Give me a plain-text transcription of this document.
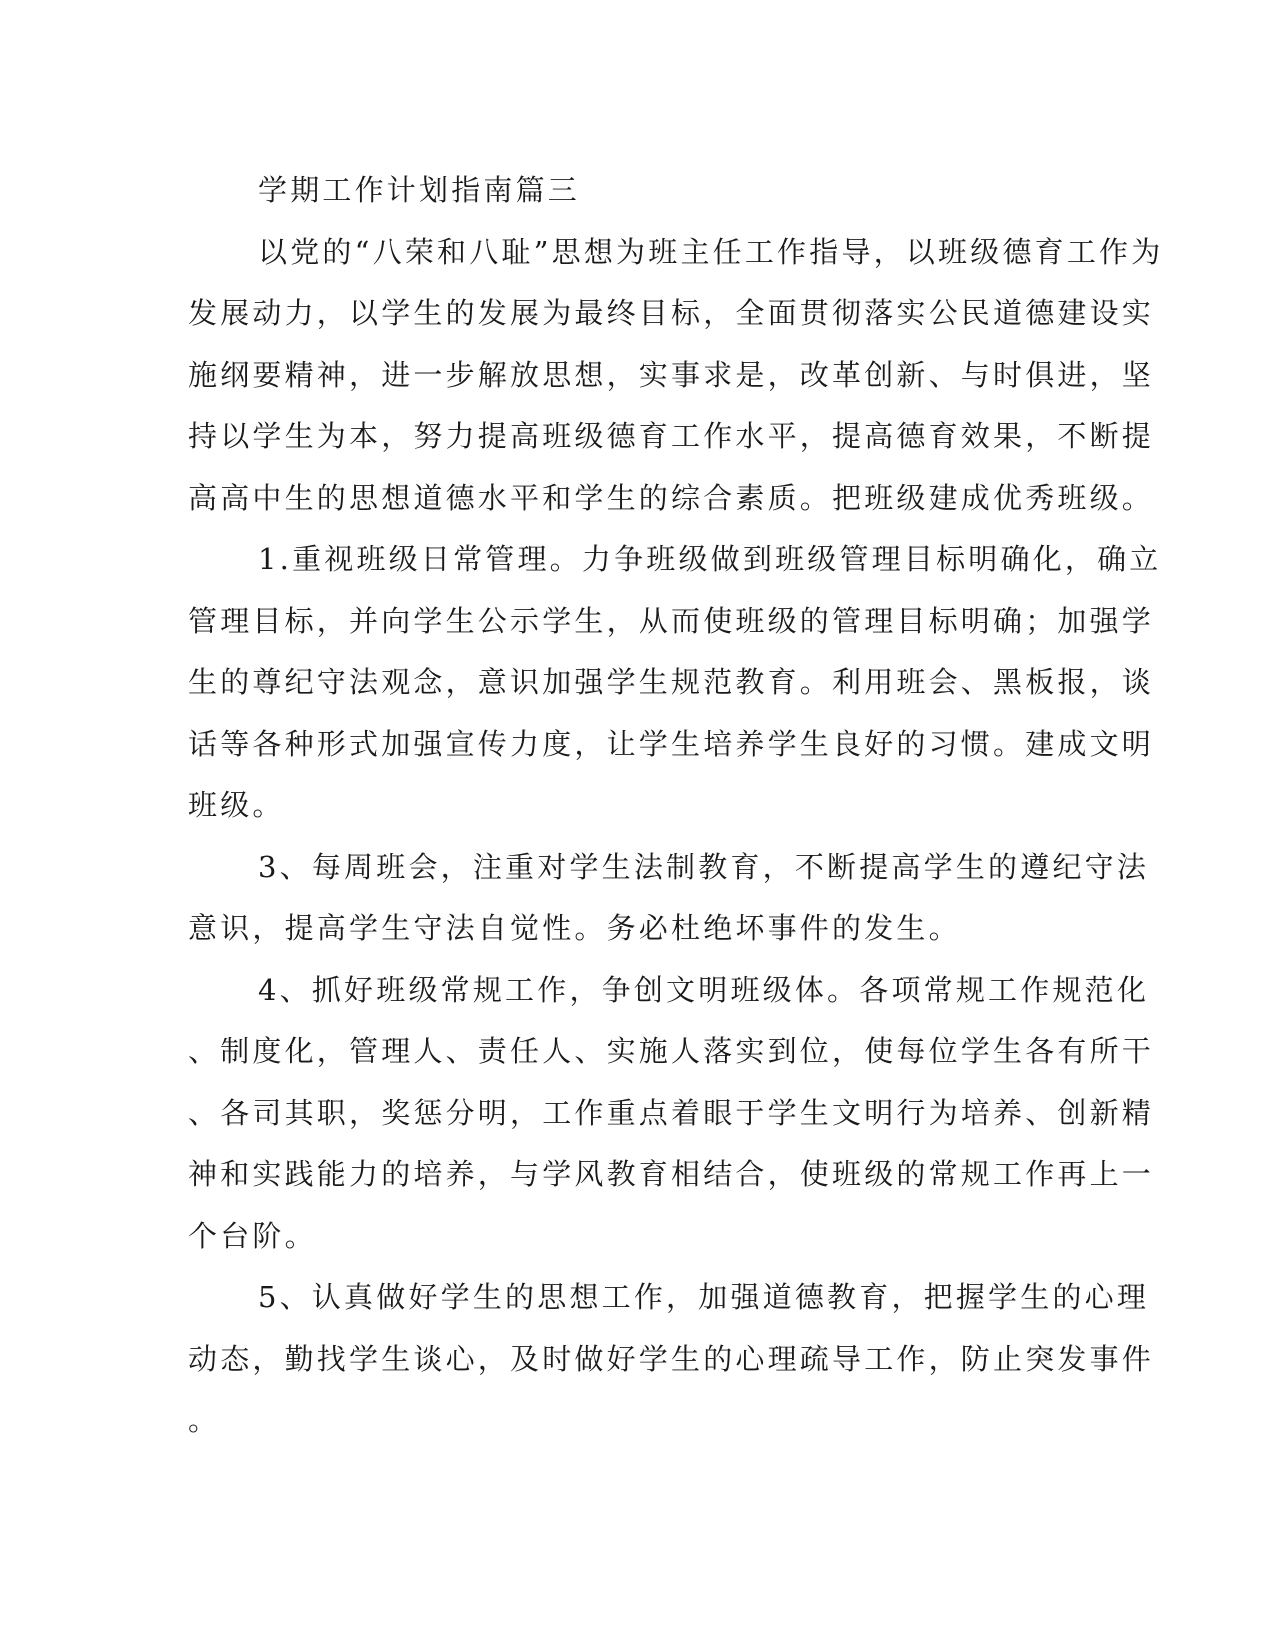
学期工作计划指南篇三
以党的“八荣和八耻”思想为班主任工作指导，以班级德育工作为
发展动力，以学生的发展为最终目标，全面贯彻落实公民道德建设实
施纲要精神，进一步解放思想，实事求是，改革创新、与时俱进，坚
持以学生为本，努力提高班级德育工作水平，提高德育效果，不断提
高高中生的思想道德水平和学生的综合素质。把班级建成优秀班级。
1.重视班级日常管理。力争班级做到班级管理目标明确化，确立
管理目标，并向学生公示学生，从而使班级的管理目标明确；加强学
生的尊纪守法观念，意识加强学生规范教育。利用班会、黑板报，谈
话等各种形式加强宣传力度，让学生培养学生良好的习惯。建成文明
班级。
3、每周班会，注重对学生法制教育，不断提高学生的遵纪守法
意识，提高学生守法自觉性。务必杜绝坏事件的发生。
4、抓好班级常规工作，争创文明班级体。各项常规工作规范化
、制度化，管理人、责任人、实施人落实到位，使每位学生各有所干
、各司其职，奖惩分明，工作重点着眼于学生文明行为培养、创新精
神和实践能力的培养，与学风教育相结合，使班级的常规工作再上一
个台阶。
5、认真做好学生的思想工作，加强道德教育，把握学生的心理
动态，勤找学生谈心，及时做好学生的心理疏导工作，防止突发事件
。
